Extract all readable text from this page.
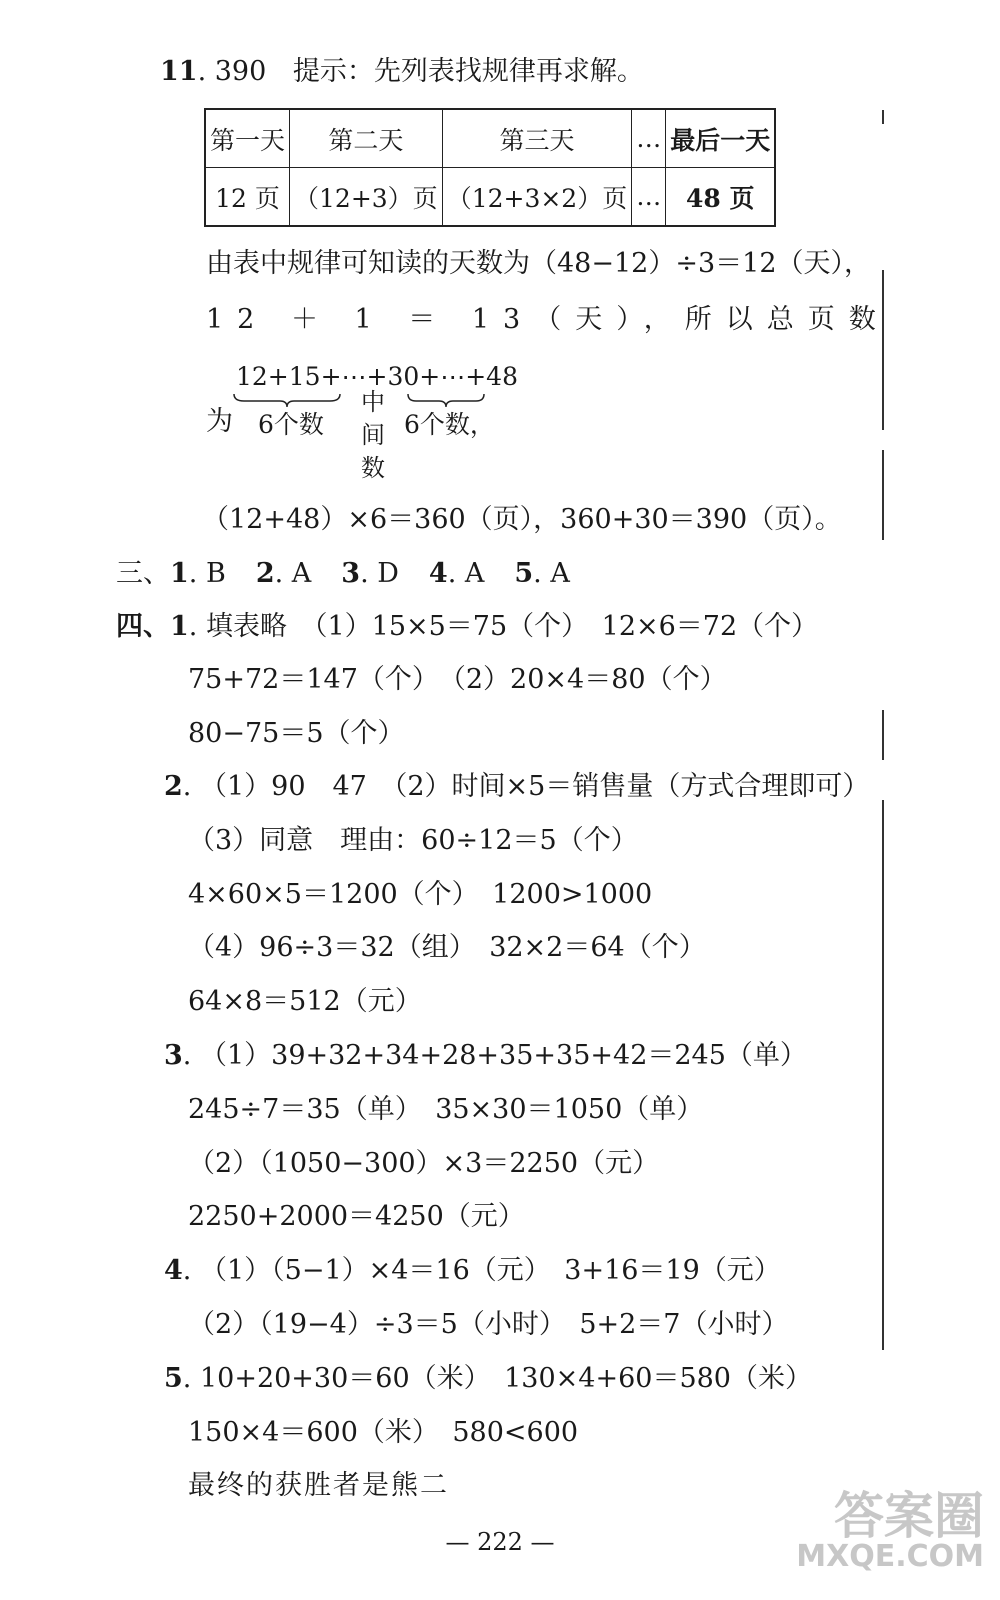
11. 390 提示：先列表找规律再求解。
第一天	第二天	第三天	…	最后一天
12 页	（12+3）页	（12+3×2）页	…	48 页
由表中规律可知读的天数为（48−12）÷3＝12（天），
12 ＋ 1 ＝ 13（天），所以总页数
12+15+⋯+30+⋯+48
为 6个数
中
间
数
6个数，
（12+48）×6＝360（页），360+30＝390（页）。
三、1. B 2. A 3. D 4. A 5. A
四、1. 填表略　（1）15×5＝75（个）　12×6＝72（个）
75+72＝147（个）　（2）20×4＝80（个）
80−75＝5（个）
2. （1）90　47　（2）时间×5＝销售量（方式合理即可）
（3）同意　理由：60÷12＝5（个）
4×60×5＝1200（个）　1200>1000
（4）96÷3＝32（组）　32×2＝64（个）
64×8＝512（元）
3. （1）39+32+34+28+35+35+42＝245（单）
245÷7＝35（单）　35×30＝1050（单）
（2）（1050−300）×3＝2250（元）
2250+2000＝4250（元）
4. （1）（5−1）×4＝16（元）　3+16＝19（元）
（2）（19−4）÷3＝5（小时）　5+2＝7（小时）
5. 10+20+30＝60（米）　130×4+60＝580（米）
150×4＝600（米）　580<600
最终的获胜者是熊二
— 222 —	答案圈
MXQE.COM
